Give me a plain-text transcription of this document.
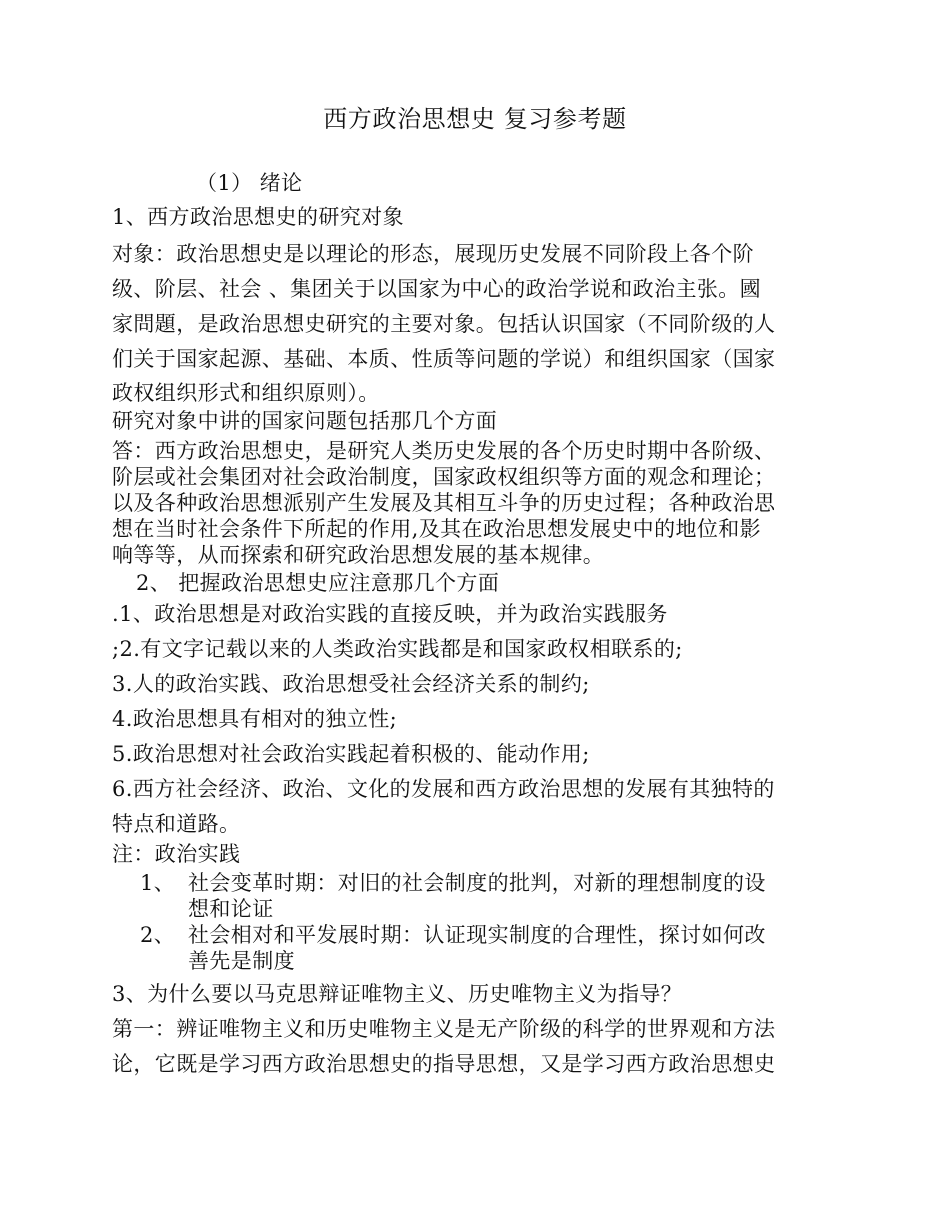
西方政治思想史 复习参考题
（1） 绪论
1、西方政治思想史的研究对象
对象：政治思想史是以理论的形态，展现历史发展不同阶段上各个阶
级、阶层、社会 、集团关于以国家为中心的政治学说和政治主张。國
家問題，是政治思想史研究的主要对象。包括认识国家（不同阶级的人
们关于国家起源、基础、本质、性质等问题的学说）和组织国家（国家
政权组织形式和组织原则）。
研究对象中讲的国家问题包括那几个方面
答：西方政治思想史，是研究人类历史发展的各个历史时期中各阶级、
阶层或社会集团对社会政治制度，国家政权组织等方面的观念和理论；
以及各种政治思想派别产生发展及其相互斗争的历史过程；各种政治思
想在当时社会条件下所起的作用,及其在政治思想发展史中的地位和影
响等等，从而探索和研究政治思想发展的基本规律。
2、 把握政治思想史应注意那几个方面
.1、政治思想是对政治实践的直接反映，并为政治实践服务
;2.有文字记载以来的人类政治实践都是和国家政权相联系的;
3.人的政治实践、政治思想受社会经济关系的制约;
4.政治思想具有相对的独立性;
5.政治思想对社会政治实践起着积极的、能动作用;
6.西方社会经济、政治、文化的发展和西方政治思想的发展有其独特的
特点和道路。
注：政治实践
1、 社会变革时期：对旧的社会制度的批判，对新的理想制度的设
想和论证
2、 社会相对和平发展时期：认证现实制度的合理性，探讨如何改
善先是制度
3、为什么要以马克思辩证唯物主义、历史唯物主义为指导？
第一：辨证唯物主义和历史唯物主义是无产阶级的科学的世界观和方法
论，它既是学习西方政治思想史的指导思想，又是学习西方政治思想史
